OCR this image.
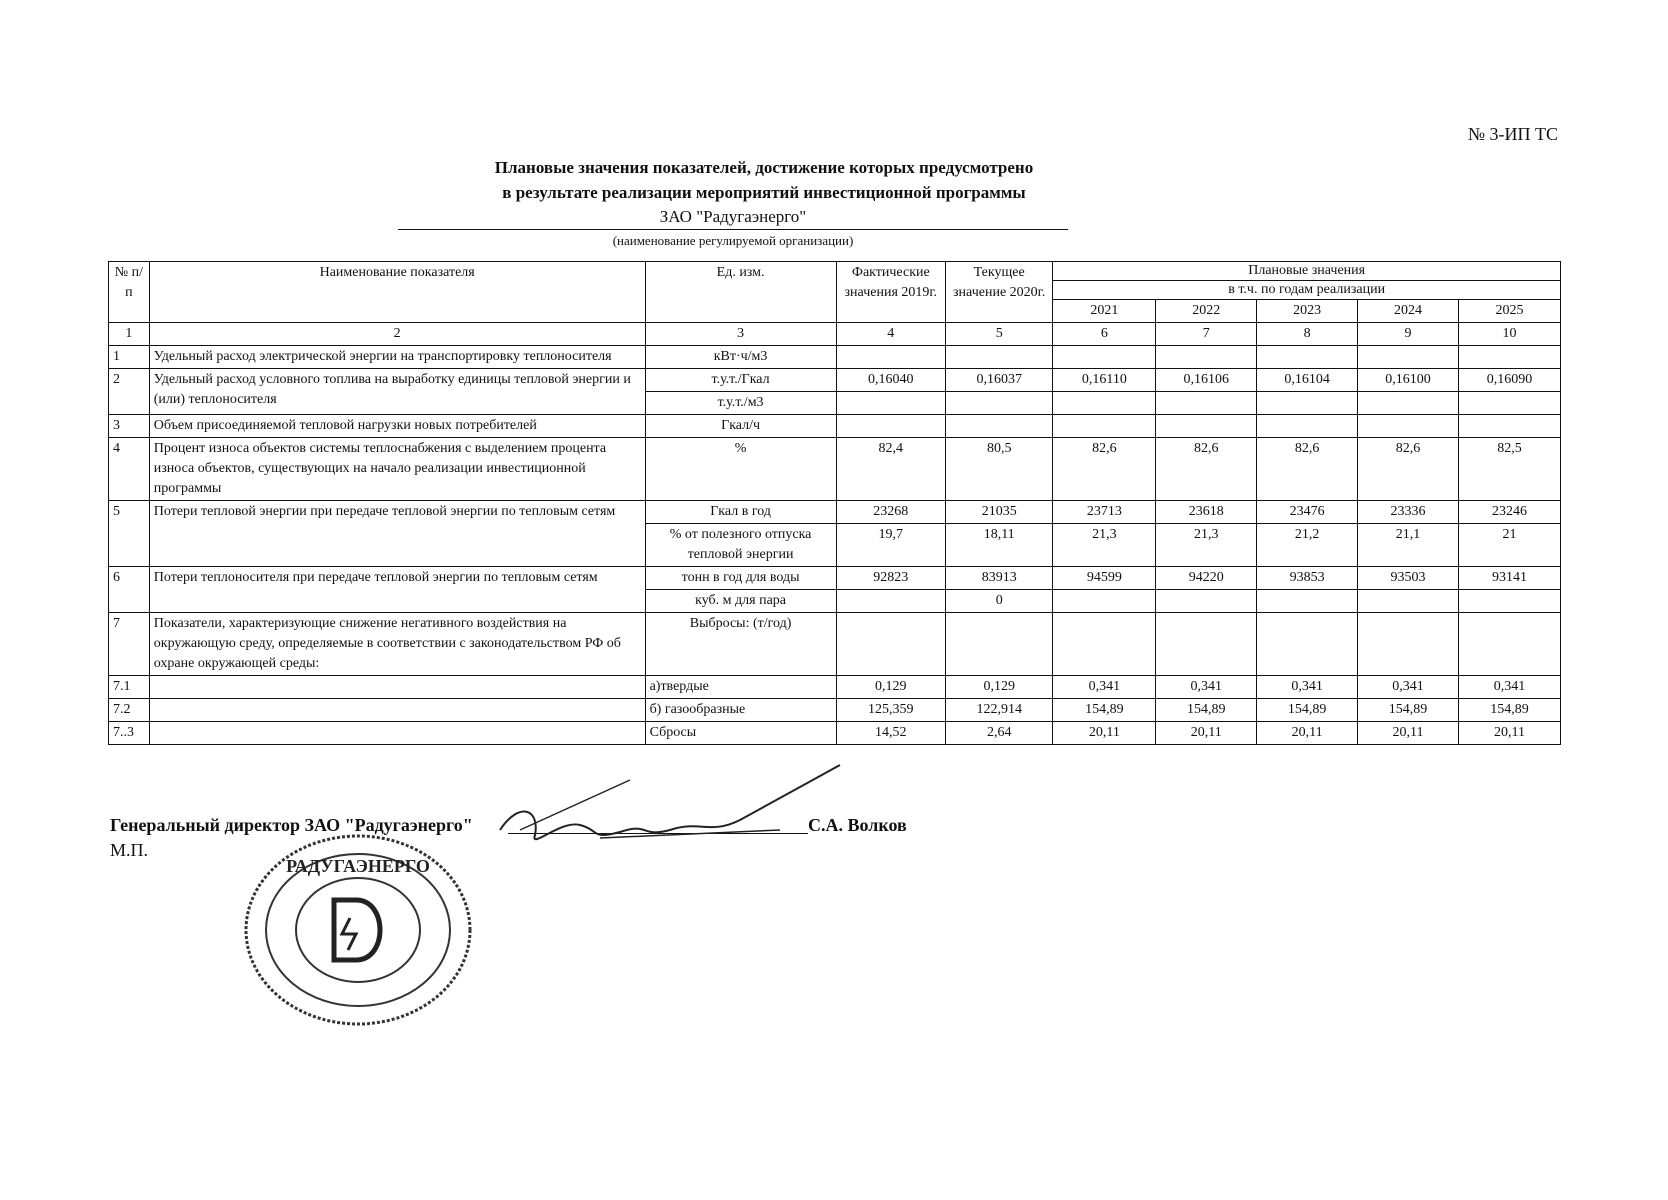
№ 3-ИП ТС
Плановые значения показателей, достижение которых предусмотрено
в результате реализации мероприятий инвестиционной программы
ЗАО "Радугаэнерго"
(наименование регулируемой организации)
№ п/п	Наименование показателя	Ед. изм.	Фактические значения 2019г.	Текущее значение 2020г.	Плановые значения				
					в т.ч. по годам реализации				
					2021	2022	2023	2024	2025
1	2	3	4	5	6	7	8	9	10
1	Удельный расход электрической энергии на транспортировку теплоносителя	кВт·ч/м3							
2	Удельный расход условного топлива на выработку единицы тепловой энергии и (или) теплоносителя	т.у.т./Гкал	0,16040	0,16037	0,16110	0,16106	0,16104	0,16100	0,16090
		т.у.т./м3							
3	Объем присоединяемой тепловой нагрузки новых потребителей	Гкал/ч							
4	Процент износа объектов системы теплоснабжения с выделением процента износа объектов, существующих на начало реализации инвестиционной программы	%	82,4	80,5	82,6	82,6	82,6	82,6	82,5
5	Потери тепловой энергии при передаче тепловой энергии по тепловым сетям	Гкал в год	23268	21035	23713	23618	23476	23336	23246
		% от полезного отпуска тепловой энергии	19,7	18,11	21,3	21,3	21,2	21,1	21
6	Потери теплоносителя при передаче тепловой энергии по тепловым сетям	тонн в год для воды	92823	83913	94599	94220	93853	93503	93141
		куб. м для пара		0					
7	Показатели, характеризующие снижение негативного воздействия на окружающую среду, определяемые в соответствии с законодательством РФ об охране окружающей среды:	Выбросы: (т/год)							
7.1		а)твердые	0,129	0,129	0,341	0,341	0,341	0,341	0,341
7.2		б) газообразные	125,359	122,914	154,89	154,89	154,89	154,89	154,89
7..3		Сбросы	14,52	2,64	20,11	20,11	20,11	20,11	20,11
Генеральный директор ЗАО "Радугаэнерго"	С.А. Волков
М.П.
РАДУГАЭНЕРГО
